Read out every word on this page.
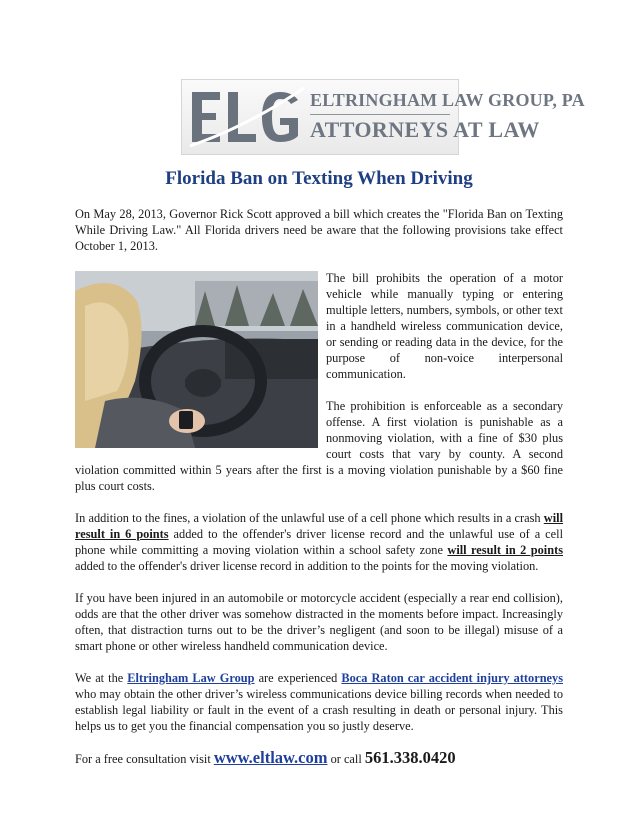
ELTRINGHAM LAW GROUP, PA
ATTORNEYS AT LAW
Florida Ban on Texting When Driving

On May 28, 2013, Governor Rick Scott approved a bill which creates the "Florida Ban on Texting While Driving Law." All Florida drivers need be aware that the following provisions take effect October 1, 2013.

The bill prohibits the operation of a motor vehicle while manually typing or entering multiple letters, numbers, symbols, or other text in a handheld wireless communication device, or sending or reading data in the device, for the purpose of non-voice interpersonal communication.

The prohibition is enforceable as a secondary offense. A first violation is punishable as a nonmoving violation, with a fine of $30 plus court costs that vary by county. A second violation committed within 5 years after the first is a moving violation punishable by a $60 fine plus court costs.

In addition to the fines, a violation of the unlawful use of a cell phone which results in a crash will result in 6 points added to the offender's driver license record and the unlawful use of a cell phone while committing a moving violation within a school safety zone will result in 2 points added to the offender's driver license record in addition to the points for the moving violation.

If you have been injured in an automobile or motorcycle accident (especially a rear end collision), odds are that the other driver was somehow distracted in the moments before impact. Increasingly often, that distraction turns out to be the driver’s negligent (and soon to be illegal) misuse of a smart phone or other wireless handheld communication device.

We at the Eltringham Law Group are experienced Boca Raton car accident injury attorneys who may obtain the other driver’s wireless communications device billing records when needed to establish legal liability or fault in the event of a crash resulting in death or personal injury. This helps us to get you the financial compensation you so justly deserve.

For a free consultation visit www.eltlaw.com or call 561.338.0420
